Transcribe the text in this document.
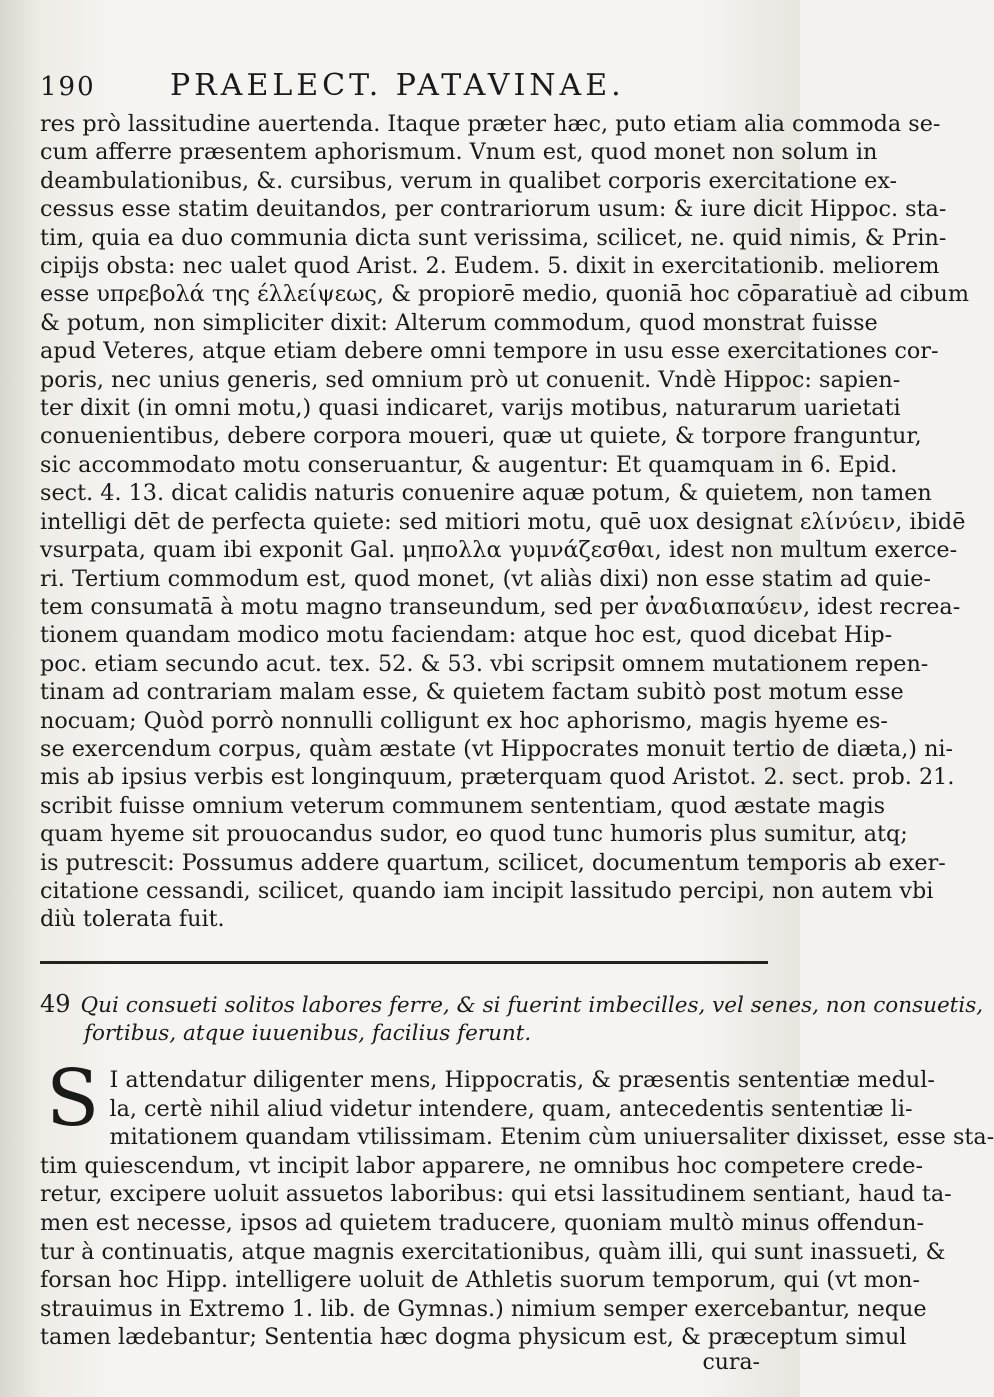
190	PRAELECT. PATAVINAE.
res prò lassitudine auertenda. Itaque præter hæc, puto etiam alia commoda se-
cum afferre præsentem aphorismum. Vnum est, quod monet non solum in
deambulationibus, &. cursibus, verum in qualibet corporis exercitatione ex-
cessus esse statim deuitandos, per contrariorum usum: & iure dicit Hippoc. sta-
tim, quia ea duo communia dicta sunt verissima, scilicet, ne. quid nimis, & Prin-
cipijs obsta: nec ualet quod Arist. 2. Eudem. 5. dixit in exercitationib. meliorem
esse υπρεβολά της έλλείψεως, & propiorē medio, quoniā hoc cōparatiuè ad cibum
& potum, non simpliciter dixit: Alterum commodum, quod monstrat fuisse
apud Veteres, atque etiam debere omni tempore in usu esse exercitationes cor-
poris, nec unius generis, sed omnium prò ut conuenit. Vndè Hippoc: sapien-
ter dixit (in omni motu,) quasi indicaret, varijs motibus, naturarum uarietati
conuenientibus, debere corpora moueri, quæ ut quiete, & torpore franguntur,
sic accommodato motu conseruantur, & augentur: Et quamquam in 6. Epid.
sect. 4. 13. dicat calidis naturis conuenire aquæ potum, & quietem, non tamen
intelligi dēt de perfecta quiete: sed mitiori motu, quē uox designat ελίνύειν, ibidē
vsurpata, quam ibi exponit Gal. μηπολλα γυμνάζεσθαι, idest non multum exerce-
ri. Tertium commodum est, quod monet, (vt aliàs dixi) non esse statim ad quie-
tem consumatā à motu magno transeundum, sed per ἀναδιαπαύειν, idest recrea-
tionem quandam modico motu faciendam: atque hoc est, quod dicebat Hip-
poc. etiam secundo acut. tex. 52. & 53. vbi scripsit omnem mutationem repen-
tinam ad contrariam malam esse, & quietem factam subitò post motum esse
nocuam; Quòd porrò nonnulli colligunt ex hoc aphorismo, magis hyeme es-
se exercendum corpus, quàm æstate (vt Hippocrates monuit tertio de diæta,) ni-
mis ab ipsius verbis est longinquum, præterquam quod Aristot. 2. sect. prob. 21.
scribit fuisse omnium veterum communem sententiam, quod æstate magis
quam hyeme sit prouocandus sudor, eo quod tunc humoris plus sumitur, atq;
is putrescit: Possumus addere quartum, scilicet, documentum temporis ab exer-
citatione cessandi, scilicet, quando iam incipit lassitudo percipi, non autem vbi
diù tolerata fuit.
49 Qui consueti solitos labores ferre, & si fuerint imbecilles, vel senes, non consuetis,
fortibus, atque iuuenibus, facilius ferunt.
S I attendatur diligenter mens, Hippocratis, & præsentis sententiæ medul-
la, certè nihil aliud videtur intendere, quam, antecedentis sententiæ li-
mitationem quandam vtilissimam. Etenim cùm uniuersaliter dixisset, esse sta-
tim quiescendum, vt incipit labor apparere, ne omnibus hoc competere crede-
retur, excipere uoluit assuetos laboribus: qui etsi lassitudinem sentiant, haud ta-
men est necesse, ipsos ad quietem traducere, quoniam multò minus offendun-
tur à continuatis, atque magnis exercitationibus, quàm illi, qui sunt inassueti, &
forsan hoc Hipp. intelligere uoluit de Athletis suorum temporum, qui (vt mon-
strauimus in Extremo 1. lib. de Gymnas.) nimium semper exercebantur, neque
tamen lædebantur; Sententia hæc dogma physicum est, & præceptum simul
cura-
